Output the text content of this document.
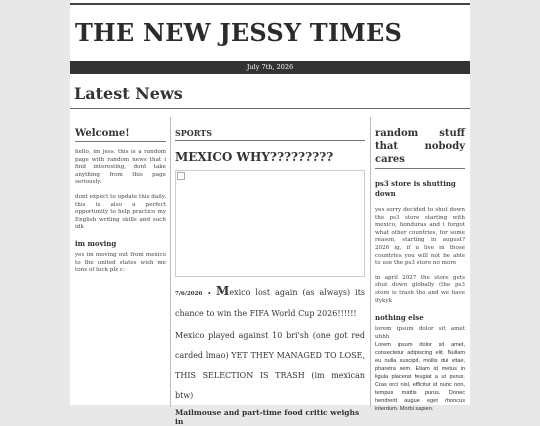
THE NEW JESSY TIMES
July 7th, 2026
Latest News
Welcome!

hello, im jess. this is a random page with random news that i find interesting, dont take anything from this page seriously.

dont expect to update this daily. this is also a perfect opportunity to help practice my English writing skills and such idk

im moving

yes im moving out from mexico to the united states wish me tons of luck plz c:

SPORTS
MEXICO WHY?????????

7/6/2026 • Mexico lost again (as always) its chance to win the FIFA World Cup 2026!!!!!!

Mexico played against 10 bri'sh (one got red carded lmao) YET THEY MANAGED TO LOSE, THIS SELECTION IS TRASH (im mexican btw)

Mailmouse and part-time food critic weighs in
random stuff that nobody cares
ps3 store is shutting down

yes sorry decided to shut down the ps3 store starting with mexico, honduras and i forgot what other countries, for some reason, starting in august? 2026 ig, if u live in those countries you will not be able to use the ps3 store no more

in april 2027 the store gets shut down globally (the ps3 store is trash tho and we have ifykyk

nothing else

lorem ipsum dolor sit amet uhhh

Lorem ipsum dolor sit amet, consectetur adipiscing elit. Nullam eu nulla suscipit, mollis dui vitae, pharetra sem. Etiam id metus in ligula placerat feugiat a ut purus. Cras orci nisl, efficitur id nunc non, tempus mattis purus. Donec hendrerit augue eget rhoncus interdum. Morbi sapien.
